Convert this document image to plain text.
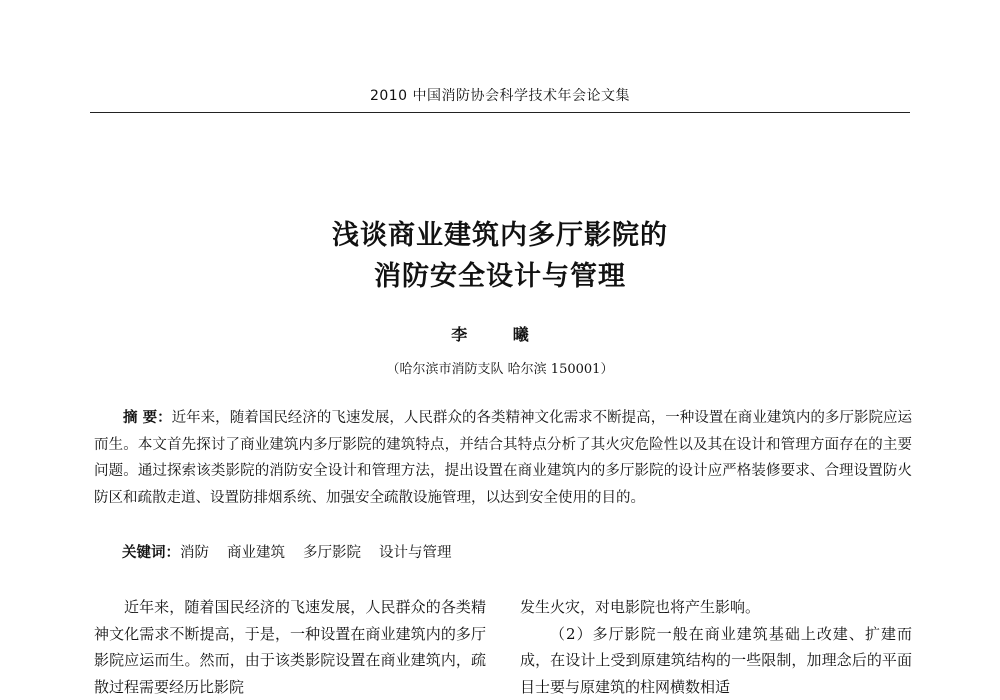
2010 中国消防协会科学技术年会论文集
浅谈商业建筑内多厅影院的
消防安全设计与管理
李 曦
（哈尔滨市消防支队 哈尔滨 150001）
摘 要：近年来，随着国民经济的飞速发展，人民群众的各类精神文化需求不断提高，一种设置在商业建筑内的多厅影院应运而生。本文首先探讨了商业建筑内多厅影院的建筑特点，并结合其特点分析了其火灾危险性以及其在设计和管理方面存在的主要问题。通过探索该类影院的消防安全设计和管理方法，提出设置在商业建筑内的多厅影院的设计应严格装修要求、合理设置防火防区和疏散走道、设置防排烟系统、加强安全疏散设施管理，以达到安全使用的目的。
关键词：消防 商业建筑 多厅影院 设计与管理

近年来，随着国民经济的飞速发展，人民群众的各类精神文化需求不断提高，于是，一种设置在商业建筑内的多厅影院应运而生。然而，由于该类影院设置在商业建筑内，疏散过程需要经历比影院

发生火灾，对电影院也将产生影响。

（2）多厅影院一般在商业建筑基础上改建、扩建而成，在设计上受到原建筑结构的一些限制，加理念后的平面目士要与原建筑的柱网横数相适
